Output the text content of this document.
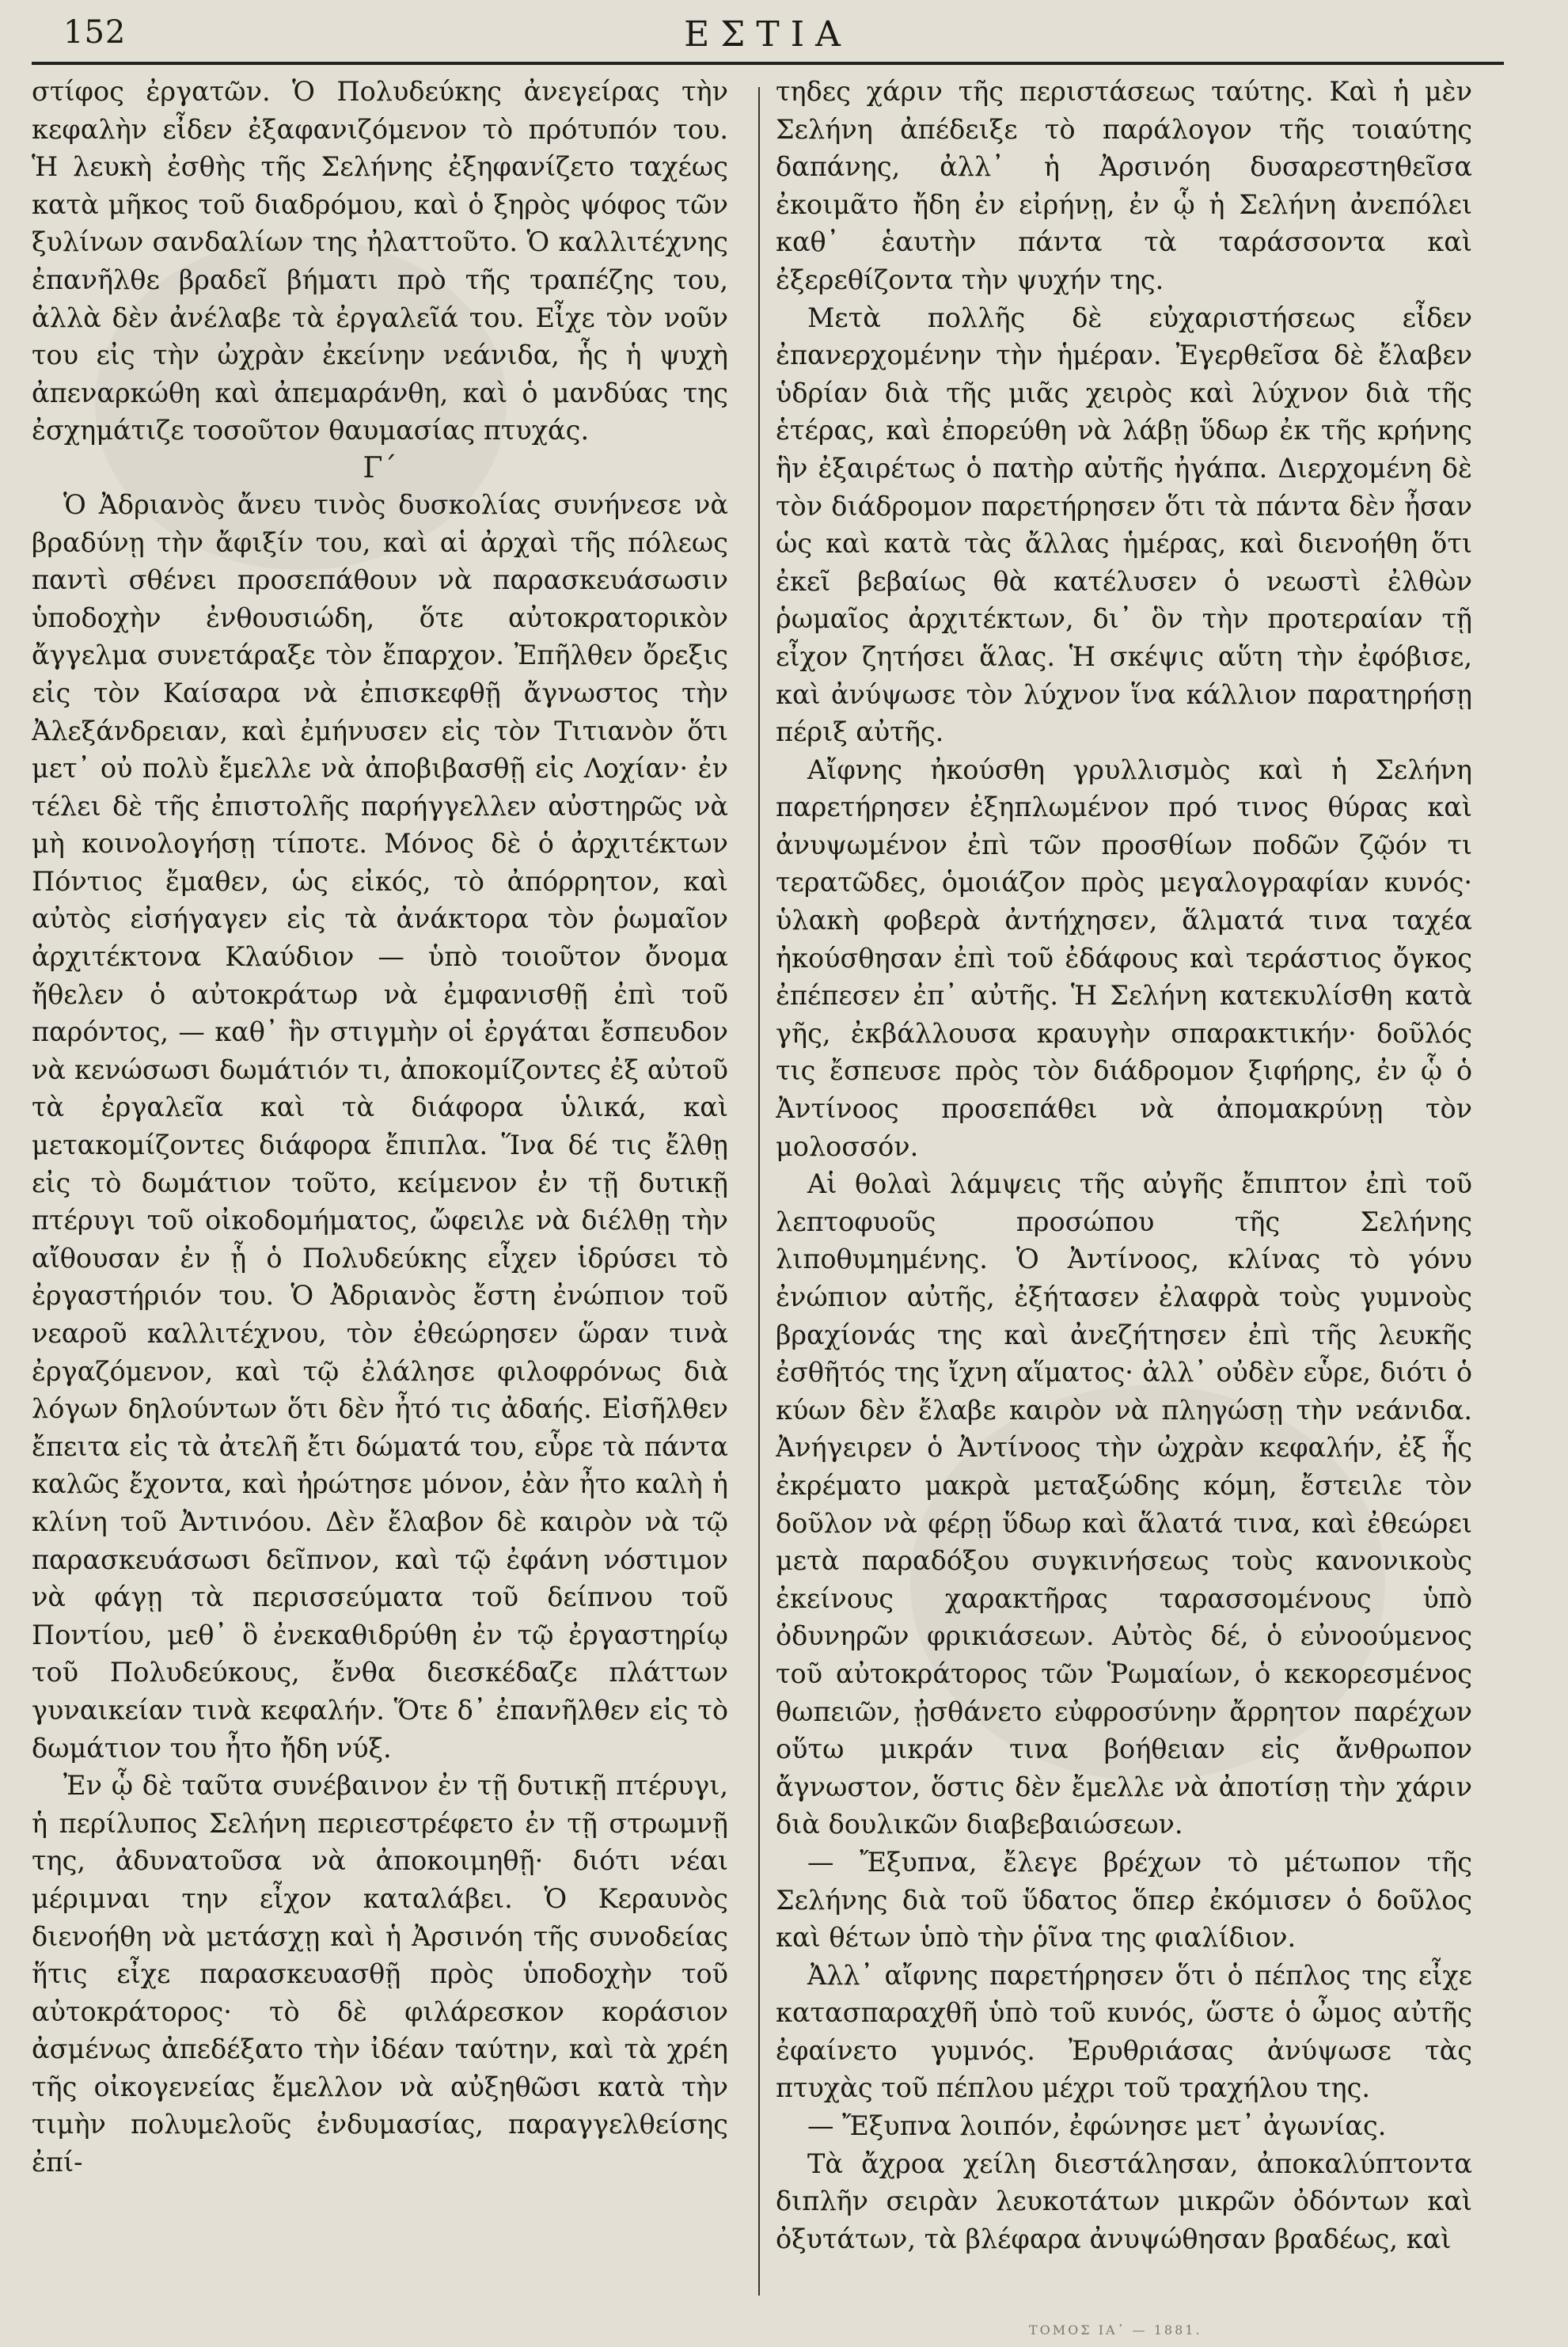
152	ΕΣΤΙΑ

στίφος ἐργατῶν. Ὁ Πολυδεύκης ἀνεγείρας τὴν κεφαλὴν εἶδεν ἐξαφανιζόμενον τὸ πρότυπόν του. Ἡ λευκὴ ἐσθὴς τῆς Σελήνης ἐξηφανίζετο ταχέως κατὰ μῆκος τοῦ διαδρόμου, καὶ ὁ ξηρὸς ψόφος τῶν ξυλίνων σανδαλίων της ἠλαττοῦτο. Ὁ καλλιτέχνης ἐπανῆλθε βραδεῖ βήματι πρὸ τῆς τραπέζης του, ἀλλὰ δὲν ἀνέλαβε τὰ ἐργαλεῖά του. Εἶχε τὸν νοῦν του εἰς τὴν ὠχρὰν ἐκείνην νεάνιδα, ἧς ἡ ψυχὴ ἀπεναρκώθη καὶ ἀπεμαράνθη, καὶ ὁ μανδύας της ἐσχημάτιζε τοσοῦτον θαυμασίας πτυχάς.

Γ´

Ὁ Ἀδριανὸς ἄνευ τινὸς δυσκολίας συνήνεσε νὰ βραδύνῃ τὴν ἄφιξίν του, καὶ αἱ ἀρχαὶ τῆς πόλεως παντὶ σθένει προσεπάθουν νὰ παρασκευάσωσιν ὑποδοχὴν ἐνθουσιώδη, ὅτε αὐτοκρατορικὸν ἄγγελμα συνετάραξε τὸν ἔπαρχον. Ἐπῆλθεν ὄρεξις εἰς τὸν Καίσαρα νὰ ἐπισκεφθῇ ἄγνωστος τὴν Ἀλεξάνδρειαν, καὶ ἐμήνυσεν εἰς τὸν Τιτιανὸν ὅτι μετ᾽ οὐ πολὺ ἔμελλε νὰ ἀποβιβασθῇ εἰς Λοχίαν· ἐν τέλει δὲ τῆς ἐπιστολῆς παρήγγελλεν αὐστηρῶς νὰ μὴ κοινολογήσῃ τίποτε. Μόνος δὲ ὁ ἀρχιτέκτων Πόντιος ἔμαθεν, ὡς εἰκός, τὸ ἀπόρρητον, καὶ αὐτὸς εἰσήγαγεν εἰς τὰ ἀνάκτορα τὸν ῥωμαῖον ἀρχιτέκτονα Κλαύδιον — ὑπὸ τοιοῦτον ὄνομα ἤθελεν ὁ αὐτοκράτωρ νὰ ἐμφανισθῇ ἐπὶ τοῦ παρόντος, — καθ᾽ ἣν στιγμὴν οἱ ἐργάται ἔσπευδον νὰ κενώσωσι δωμάτιόν τι, ἀποκομίζοντες ἐξ αὐτοῦ τὰ ἐργαλεῖα καὶ τὰ διάφορα ὑλικά, καὶ μετακομίζοντες διάφορα ἔπιπλα. Ἵνα δέ τις ἔλθῃ εἰς τὸ δωμάτιον τοῦτο, κείμενον ἐν τῇ δυτικῇ πτέρυγι τοῦ οἰκοδομήματος, ὤφειλε νὰ διέλθῃ τὴν αἴθουσαν ἐν ᾗ ὁ Πολυδεύκης εἶχεν ἱδρύσει τὸ ἐργαστήριόν του. Ὁ Ἀδριανὸς ἔστη ἐνώπιον τοῦ νεαροῦ καλλιτέχνου, τὸν ἐθεώρησεν ὥραν τινὰ ἐργαζόμενον, καὶ τῷ ἐλάλησε φιλοφρόνως διὰ λόγων δηλούντων ὅτι δὲν ἦτό τις ἀδαής. Εἰσῆλθεν ἔπειτα εἰς τὰ ἀτελῆ ἔτι δώματά του, εὗρε τὰ πάντα καλῶς ἔχοντα, καὶ ἠρώτησε μόνον, ἐὰν ἦτο καλὴ ἡ κλίνη τοῦ Ἀντινόου. Δὲν ἔλαβον δὲ καιρὸν νὰ τῷ παρασκευάσωσι δεῖπνον, καὶ τῷ ἐφάνη νόστιμον νὰ φάγῃ τὰ περισσεύματα τοῦ δείπνου τοῦ Ποντίου, μεθ᾽ ὃ ἐνεκαθιδρύθη ἐν τῷ ἐργαστηρίῳ τοῦ Πολυδεύκους, ἔνθα διεσκέδαζε πλάττων γυναικείαν τινὰ κεφαλήν. Ὅτε δ᾽ ἐπανῆλθεν εἰς τὸ δωμάτιον του ἦτο ἤδη νύξ.

Ἐν ᾧ δὲ ταῦτα συνέβαινον ἐν τῇ δυτικῇ πτέρυγι, ἡ περίλυπος Σελήνη περιεστρέφετο ἐν τῇ στρωμνῇ της, ἀδυνατοῦσα νὰ ἀποκοιμηθῇ· διότι νέαι μέριμναι την εἶχον καταλάβει. Ὁ Κεραυνὸς διενοήθη νὰ μετάσχῃ καὶ ἡ Ἀρσινόη τῆς συνοδείας ἥτις εἶχε παρασκευασθῇ πρὸς ὑποδοχὴν τοῦ αὐτοκράτορος· τὸ δὲ φιλάρεσκον κοράσιον ἀσμένως ἀπεδέξατο τὴν ἰδέαν ταύτην, καὶ τὰ χρέη τῆς οἰκογενείας ἔμελλον νὰ αὐξηθῶσι κατὰ τὴν τιμὴν πολυμελοῦς ἐνδυμασίας, παραγγελθείσης ἐπί-

τηδες χάριν τῆς περιστάσεως ταύτης. Καὶ ἡ μὲν Σελήνη ἀπέδειξε τὸ παράλογον τῆς τοιαύτης δαπάνης, ἀλλ᾽ ἡ Ἀρσινόη δυσαρεστηθεῖσα ἐκοιμᾶτο ἤδη ἐν εἰρήνῃ, ἐν ᾧ ἡ Σελήνη ἀνεπόλει καθ᾽ ἑαυτὴν πάντα τὰ ταράσσοντα καὶ ἐξερεθίζοντα τὴν ψυχήν της.

Μετὰ πολλῆς δὲ εὐχαριστήσεως εἶδεν ἐπανερχομένην τὴν ἡμέραν. Ἐγερθεῖσα δὲ ἔλαβεν ὑδρίαν διὰ τῆς μιᾶς χειρὸς καὶ λύχνον διὰ τῆς ἑτέρας, καὶ ἐπορεύθη νὰ λάβῃ ὕδωρ ἐκ τῆς κρήνης ἣν ἐξαιρέτως ὁ πατὴρ αὐτῆς ἠγάπα. Διερχομένη δὲ τὸν διάδρομον παρετήρησεν ὅτι τὰ πάντα δὲν ἦσαν ὡς καὶ κατὰ τὰς ἄλλας ἡμέρας, καὶ διενοήθη ὅτι ἐκεῖ βεβαίως θὰ κατέλυσεν ὁ νεωστὶ ἐλθὼν ῥωμαῖος ἀρχιτέκτων, δι᾽ ὃν τὴν προτεραίαν τῇ εἶχον ζητήσει ἅλας. Ἡ σκέψις αὕτη τὴν ἐφόβισε, καὶ ἀνύψωσε τὸν λύχνον ἵνα κάλλιον παρατηρήσῃ πέριξ αὐτῆς.

Αἴφνης ἠκούσθη γρυλλισμὸς καὶ ἡ Σελήνη παρετήρησεν ἐξηπλωμένον πρό τινος θύρας καὶ ἀνυψωμένον ἐπὶ τῶν προσθίων ποδῶν ζῷόν τι τερατῶδες, ὁμοιάζον πρὸς μεγαλογραφίαν κυνός· ὑλακὴ φοβερὰ ἀντήχησεν, ἅλματά τινα ταχέα ἠκούσθησαν ἐπὶ τοῦ ἐδάφους καὶ τεράστιος ὄγκος ἐπέπεσεν ἐπ᾽ αὐτῆς. Ἡ Σελήνη κατεκυλίσθη κατὰ γῆς, ἐκβάλλουσα κραυγὴν σπαρακτικήν· δοῦλός τις ἔσπευσε πρὸς τὸν διάδρομον ξιφήρης, ἐν ᾧ ὁ Ἀντίνοος προσεπάθει νὰ ἀπομακρύνῃ τὸν μολοσσόν.

Αἱ θολαὶ λάμψεις τῆς αὐγῆς ἔπιπτον ἐπὶ τοῦ λεπτοφυοῦς προσώπου τῆς Σελήνης λιποθυμημένης. Ὁ Ἀντίνοος, κλίνας τὸ γόνυ ἐνώπιον αὐτῆς, ἐξήτασεν ἐλαφρὰ τοὺς γυμνοὺς βραχίονάς της καὶ ἀνεζήτησεν ἐπὶ τῆς λευκῆς ἐσθῆτός της ἴχνη αἵματος· ἀλλ᾽ οὐδὲν εὗρε, διότι ὁ κύων δὲν ἔλαβε καιρὸν νὰ πληγώσῃ τὴν νεάνιδα. Ἀνήγειρεν ὁ Ἀντίνοος τὴν ὠχρὰν κεφαλήν, ἐξ ἧς ἐκρέματο μακρὰ μεταξώδης κόμη, ἔστειλε τὸν δοῦλον νὰ φέρῃ ὕδωρ καὶ ἅλατά τινα, καὶ ἐθεώρει μετὰ παραδόξου συγκινήσεως τοὺς κανονικοὺς ἐκείνους χαρακτῆρας ταρασσομένους ὑπὸ ὀδυνηρῶν φρικιάσεων. Αὐτὸς δέ, ὁ εὐνοούμενος τοῦ αὐτοκράτορος τῶν Ῥωμαίων, ὁ κεκορεσμένος θωπειῶν, ᾐσθάνετο εὐφροσύνην ἄρρητον παρέχων οὕτω μικράν τινα βοήθειαν εἰς ἄνθρωπον ἄγνωστον, ὅστις δὲν ἔμελλε νὰ ἀποτίσῃ τὴν χάριν διὰ δουλικῶν διαβεβαιώσεων.

— Ἔξυπνα, ἔλεγε βρέχων τὸ μέτωπον τῆς Σελήνης διὰ τοῦ ὕδατος ὅπερ ἐκόμισεν ὁ δοῦλος καὶ θέτων ὑπὸ τὴν ῥῖνα της φιαλίδιον.

Ἀλλ᾽ αἴφνης παρετήρησεν ὅτι ὁ πέπλος της εἶχε κατασπαραχθῆ ὑπὸ τοῦ κυνός, ὥστε ὁ ὦμος αὐτῆς ἐφαίνετο γυμνός. Ἐρυθριάσας ἀνύψωσε τὰς πτυχὰς τοῦ πέπλου μέχρι τοῦ τραχήλου της.

— Ἔξυπνα λοιπόν, ἐφώνησε μετ᾽ ἀγωνίας.

Τὰ ἄχροα χείλη διεστάλησαν, ἀποκαλύπτοντα διπλῆν σειρὰν λευκοτάτων μικρῶν ὀδόντων καὶ ὀξυτάτων, τὰ βλέφαρα ἀνυψώθησαν βραδέως, καὶ

ΤΟΜΟΣ ΙΑ᾽ — 1881.
